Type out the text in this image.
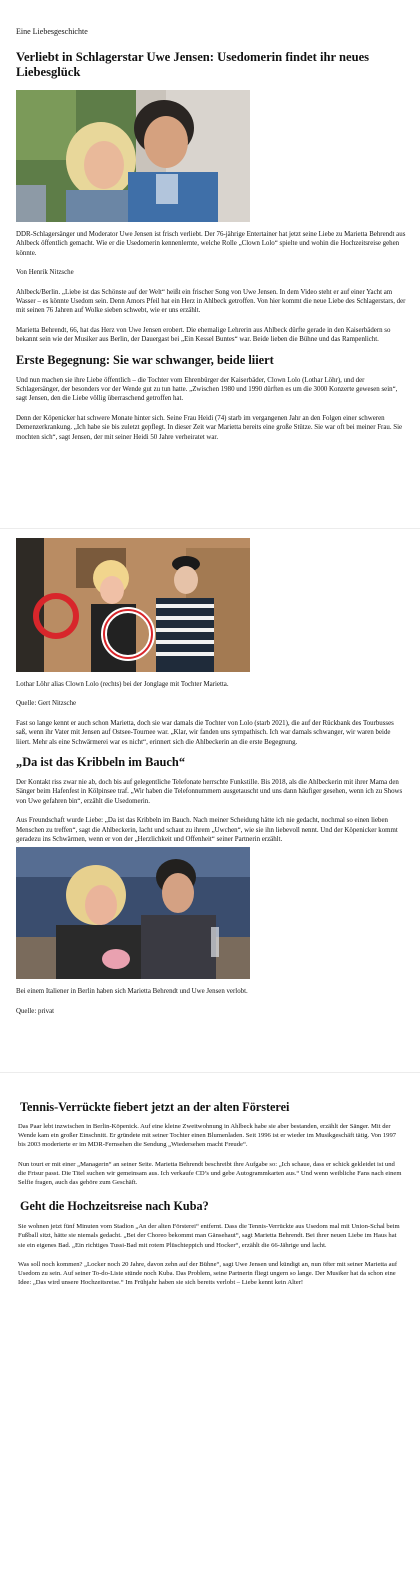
Eine Liebesgeschichte
Verliebt in Schlagerstar Uwe Jensen: Usedomerin findet ihr neues Liebesglück

DDR-Schlagersänger und Moderator Uwe Jensen ist frisch verliebt. Der 76-jährige Entertainer hat jetzt seine Liebe zu Marietta Behrendt aus Ahlbeck öffentlich gemacht. Wie er die Usedomerin kennenlernte, welche Rolle „Clown Lolo“ spielte und wohin die Hochzeitsreise gehen könnte.

Von Henrik Nitzsche

Ahlbeck/Berlin. „Liebe ist das Schönste auf der Welt“ heißt ein frischer Song von Uwe Jensen. In dem Video steht er auf einer Yacht am Wasser – es könnte Usedom sein. Denn Amors Pfeil hat ein Herz in Ahlbeck getroffen. Von hier kommt die neue Liebe des Schlagerstars, der mit seinen 76 Jahren auf Wolke sieben schwebt, wie er uns erzählt.

Marietta Behrendt, 66, hat das Herz von Uwe Jensen erobert. Die ehemalige Lehrerin aus Ahlbeck dürfte gerade in den Kaiserbädern so bekannt sein wie der Musiker aus Berlin, der Dauergast bei „Ein Kessel Buntes“ war. Beide lieben die Bühne und das Rampenlicht.

Erste Begegnung: Sie war schwanger, beide liiert

Und nun machen sie ihre Liebe öffentlich – die Tochter vom Ehrenbürger der Kaiserbäder, Clown Lolo (Lothar Löhr), und der Schlagersänger, der besonders vor der Wende gut zu tun hatte. „Zwischen 1980 und 1990 dürften es um die 3000 Konzerte gewesen sein“, sagt Jensen, den die Liebe völlig überraschend getroffen hat.

Denn der Köpenicker hat schwere Monate hinter sich. Seine Frau Heidi (74) starb im vergangenen Jahr an den Folgen einer schweren Demenzerkrankung. „Ich habe sie bis zuletzt gepflegt. In dieser Zeit war Marietta bereits eine große Stütze. Sie war oft bei meiner Frau. Sie mochten sich“, sagt Jensen, der mit seiner Heidi 50 Jahre verheiratet war.

Lothar Löhr alias Clown Lolo (rechts) bei der Jonglage mit Tochter Marietta.

Quelle: Gert Nitzsche

Fast so lange kennt er auch schon Marietta, doch sie war damals die Tochter von Lolo (starb 2021), die auf der Rückbank des Tourbusses saß, wenn ihr Vater mit Jensen auf Ostsee-Tournee war. „Klar, wir fanden uns sympathisch. Ich war damals schwanger, wir waren beide liiert. Mehr als eine Schwärmerei war es nicht“, erinnert sich die Ahlbeckerin an die erste Begegnung.

„Da ist das Kribbeln im Bauch“

Der Kontakt riss zwar nie ab, doch bis auf gelegentliche Telefonate herrschte Funkstille. Bis 2018, als die Ahlbeckerin mit ihrer Mama den Sänger beim Hafenfest in Kölpinsee traf. „Wir haben die Telefonnummern ausgetauscht und uns dann häufiger gesehen, wenn ich zu Shows von Uwe gefahren bin“, erzählt die Usedomerin.

Aus Freundschaft wurde Liebe: „Da ist das Kribbeln im Bauch. Nach meiner Scheidung hätte ich nie gedacht, nochmal so einen lieben Menschen zu treffen“, sagt die Ahlbeckerin, lacht und schaut zu ihrem „Uwchen“, wie sie ihn liebevoll nennt. Und der Köpenicker kommt geradezu ins Schwärmen, wenn er von der „Herzlichkeit und Offenheit“ seiner Partnerin erzählt.

Bei einem Italiener in Berlin haben sich Marietta Behrendt und Uwe Jensen verlobt.

Quelle: privat

Tennis-Verrückte fiebert jetzt an der alten Försterei

Das Paar lebt inzwischen in Berlin-Köpenick. Auf eine kleine Zweitwohnung in Ahlbeck habe sie aber bestanden, erzählt der Sänger. Mit der Wende kam ein großer Einschnitt. Er gründete mit seiner Tochter einen Blumenladen. Seit 1996 ist er wieder im Musikgeschäft tätig. Von 1997 bis 2003 moderierte er im MDR-Fernsehen die Sendung „Wiedersehen macht Freude“.

Nun tourt er mit einer „Managerin“ an seiner Seite. Marietta Behrendt beschreibt ihre Aufgabe so: „Ich schaue, dass er schick gekleidet ist und die Frisur passt. Die Titel suchen wir gemeinsam aus. Ich verkaufe CD’s und gebe Autogrammkarten aus.“ Und wenn weibliche Fans nach einem Selfie fragen, auch das gehöre zum Geschäft.

Geht die Hochzeitsreise nach Kuba?

Sie wohnen jetzt fünf Minuten vom Stadion „An der alten Försterei“ entfernt. Dass die Tennis-Verrückte aus Usedom mal mit Union-Schal beim Fußball sitzt, hätte sie niemals gedacht. „Bei der Choreo bekommt man Gänsehaut“, sagt Marietta Behrendt. Bei ihrer neuen Liebe im Haus hat sie ein eigenes Bad. „Ein richtiges Tussi-Bad mit rotem Plüschteppich und Hocker“, erzählt die 66-Jährige und lacht.

Was soll noch kommen? „Locker noch 20 Jahre, davon zehn auf der Bühne“, sagt Uwe Jensen und kündigt an, nun öfter mit seiner Marietta auf Usedom zu sein. Auf seiner To-do-Liste stünde noch Kuba. Das Problem, seine Partnerin fliegt ungern so lange. Der Musiker hat da schon eine Idee: „Das wird unsere Hochzeitsreise.“ Im Frühjahr haben sie sich bereits verlobt – Liebe kennt kein Alter!
